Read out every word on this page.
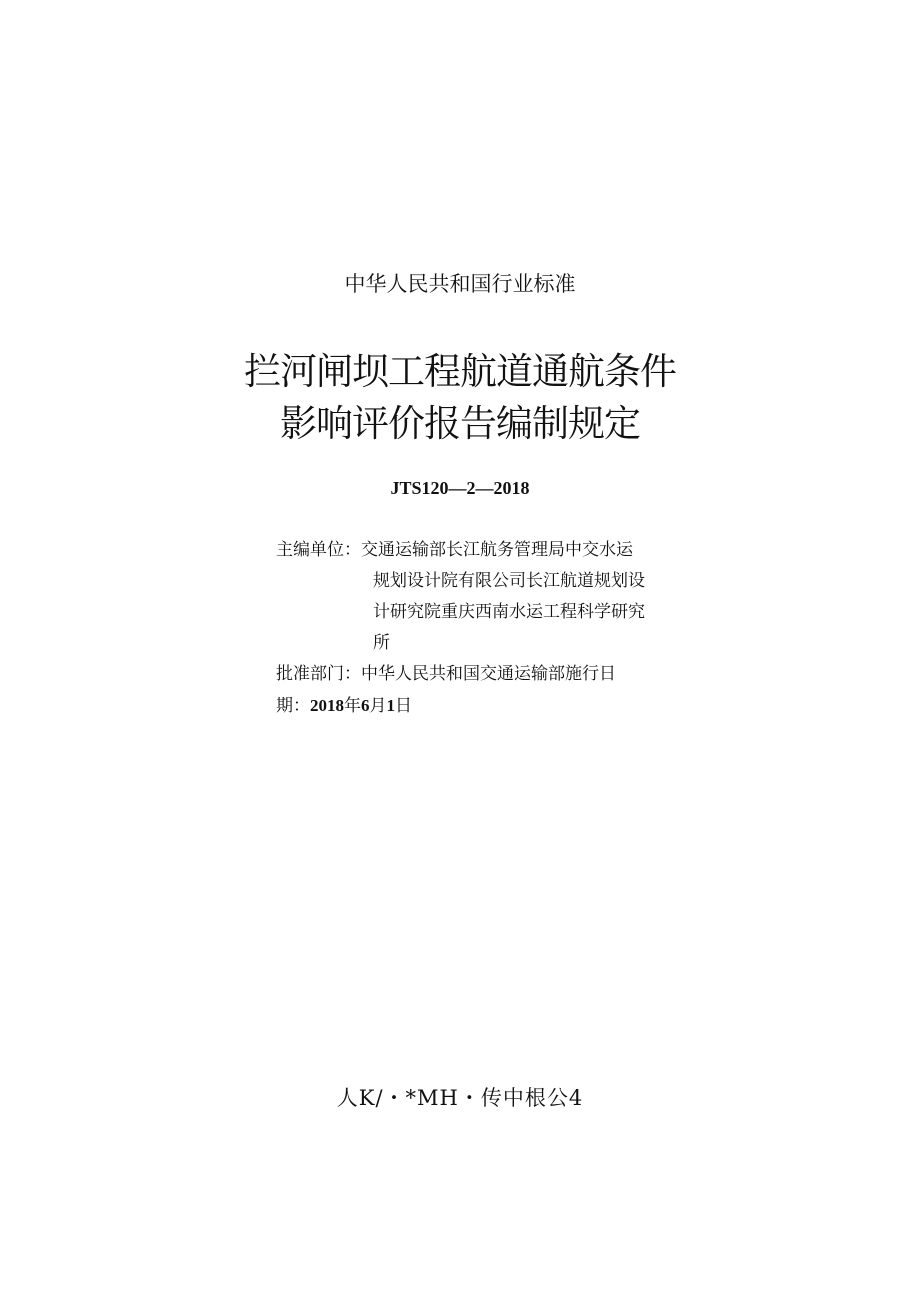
中华人民共和国行业标准
拦河闸坝工程航道通航条件
影响评价报告编制规定
JTS120—2—2018
主编单位：交通运输部长江航务管理局中交水运
规划设计院有限公司长江航道规划设
计研究院重庆西南水运工程科学研究
所
批准部门：中华人民共和国交通运输部施行日
期：2018年6月1日
人K/・*MH・传中根公4
